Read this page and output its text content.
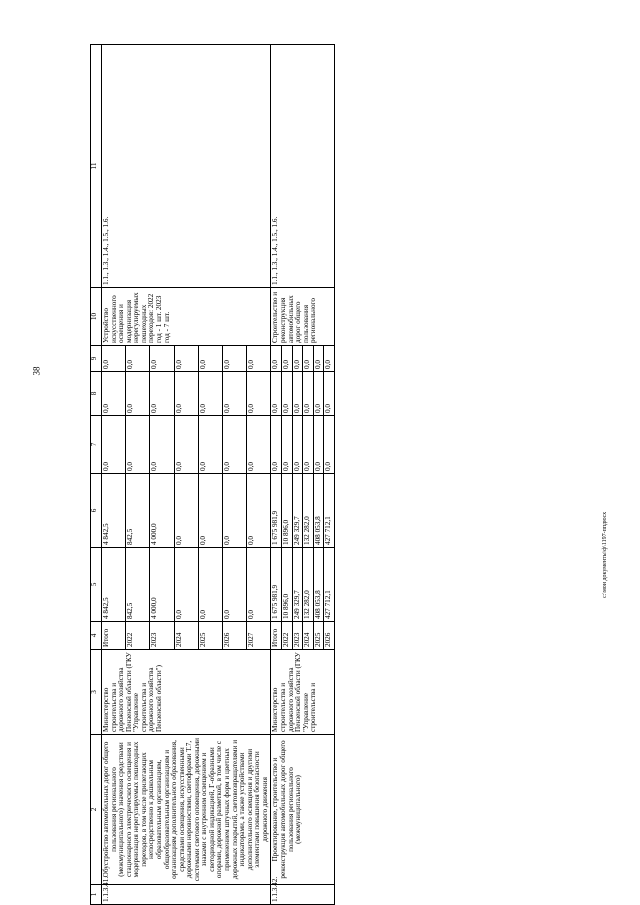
38
1	2	3	4	5	6	7	8	9	10	11
1.1.3.41.	Обустройство автомобильных дорог общего пользования регионального (межмуниципального) значения средствами стационарного электрического освещения и модернизация нерегулируемых пешеходных переходов, в том числе прилегающих непосредственно к дошкольным образовательным организациям, общеобразовательным организациям и организациям дополнительного образования, средствами освещения, искусственными дорожными неровностями, светофорами Т.7, системами светового оповещения, дорожными знаками с внутренним освещением и светодиодной индикацией, Г-образными опорами, дорожной разметкой, в том числе с применением штучных форм и цветных дорожных покрытий, световозвращателями и индикаторами, а также устройствами дополнительного освещения и другими элементами повышения безопасности дорожного движения	Министерство строительства и дорожного хозяйства Пензенской области (ГКУ "Управление строительства и дорожного хозяйства Пензенской области")	Итого	4 842,5	4 842,5	0,0	0,0	0,0	Устройство искусственного освещения и модернизация нерегулируемых пешеходных переходов: 2022 год - 1 шт. 2023 год - 7 шт.	1.1., 1.3., 1.4., 1.5., 1.6.
			2022	842,5	842,5	0,0	0,0	0,0		
			2023	4 000,0	4 000,0	0,0	0,0	0,0		
			2024	0,0	0,0	0,0	0,0	0,0		
			2025	0,0	0,0	0,0	0,0	0,0		
			2026	0,0	0,0	0,0	0,0	0,0		
			2027	0,0	0,0	0,0	0,0	0,0		
1.1.3.42.	Проектирование, строительство и реконструкция автомобильных дорог общего пользования регионального (межмуниципального)	Министерство строительства и дорожного хозяйства Пензенской области (ГКУ "Управление строительства и	Итого	1 675 981,9	1 675 981,9	0,0	0,0	0,0	Строительство и реконструкция автомобильных дорог общего пользования регионального	1.1., 1.3., 1.4., 1.5., 1.6.
			2022	10 896,0	10 896,0	0,0	0,0	0,0		
			2023	249 329,7	249 329,7	0,0	0,0	0,0		
			2024	132 282,0	132 282,0	0,0	0,0	0,0		
			2025	408 053,8	408 053,8	0,0	0,0	0,0		
			2026	427 712,1	427 712,1	0,0	0,0	0,0		
c:\мои документы\ф\1197-ппдюсх
